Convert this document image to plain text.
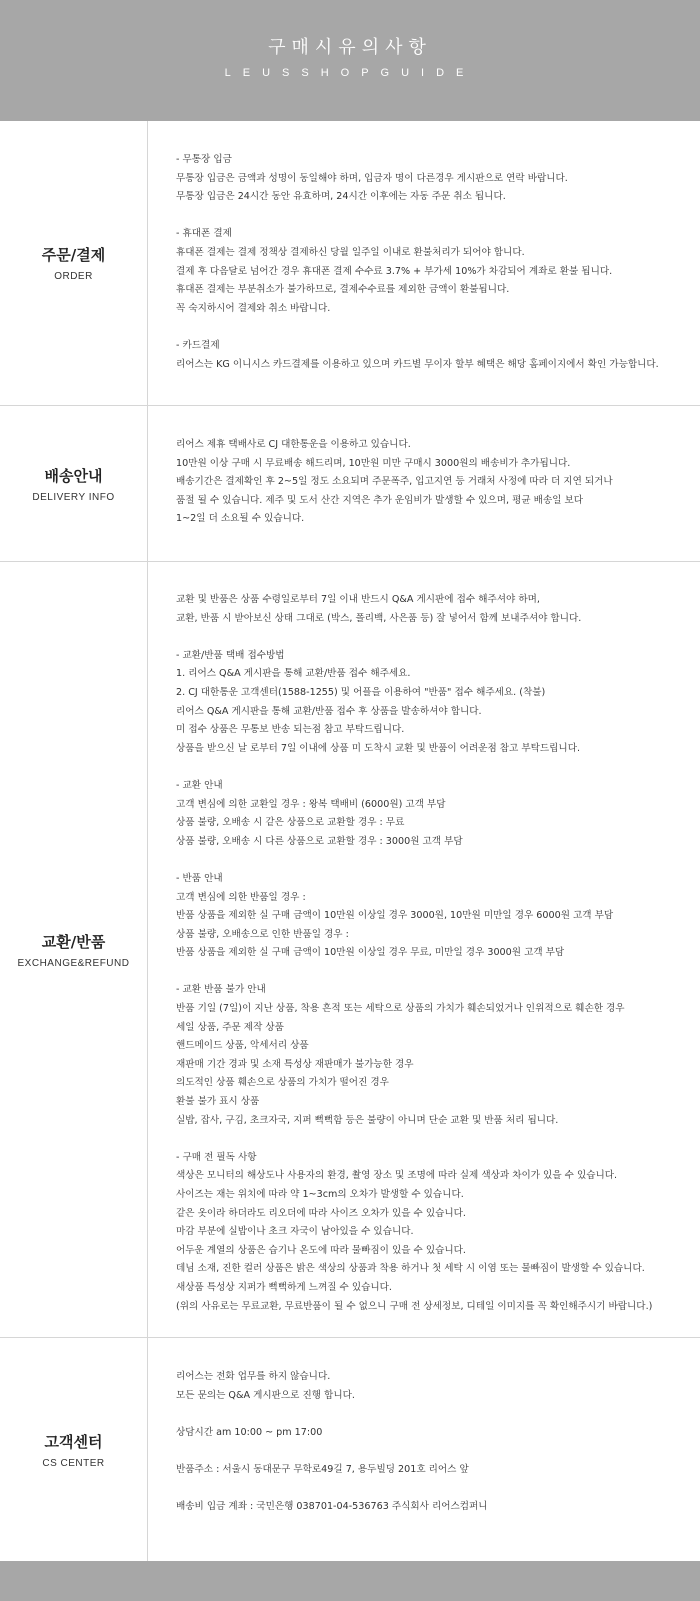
구매시유의사항
LEUSSHOPGUIDE
주문/결제
ORDER
- 무통장 입금
무통장 입금은 금액과 성명이 동일해야 하며, 입금자 명이 다른경우 게시판으로 연락 바랍니다.
무통장 입금은 24시간 동안 유효하며, 24시간 이후에는 자동 주문 취소 됩니다.
- 휴대폰 결제
휴대폰 결제는 결제 정책상 결제하신 당월 일주일 이내로 환불처리가 되어야 합니다.
결제 후 다음달로 넘어간 경우 휴대폰 결제 수수료 3.7% + 부가세 10%가 차감되어 계좌로 환불 됩니다.
휴대폰 결제는 부분취소가 불가하므로, 결제수수료를 제외한 금액이 환불됩니다.
꼭 숙지하시어 결제와 취소 바랍니다.
- 카드결제
리어스는 KG 이니시스 카드결제를 이용하고 있으며 카드별 무이자 할부 혜택은 해당 홈페이지에서 확인 가능합니다.
배송안내
DELIVERY INFO
리어스 제휴 택배사로 CJ 대한통운을 이용하고 있습니다.
10만원 이상 구매 시 무료배송 해드리며, 10만원 미만 구매시 3000원의 배송비가 추가됩니다.
배송기간은 결제확인 후 2~5일 정도 소요되며 주문폭주, 입고지연 등 거래처 사정에 따라 더 지연 되거나
품절 될 수 있습니다. 제주 및 도서 산간 지역은 추가 운임비가 발생할 수 있으며, 평균 배송일 보다
1~2일 더 소요될 수 있습니다.
교환/반품
EXCHANGE&REFUND
교환 및 반품은 상품 수령일로부터 7일 이내 반드시 Q&A 게시판에 접수 해주셔야 하며,
교환, 반품 시 받아보신 상태 그대로 (박스, 폴리백, 사은품 등) 잘 넣어서 함께 보내주셔야 합니다.
- 교환/반품 택배 접수방법
1. 리어스 Q&A 게시판을 통해 교환/반품 접수 해주세요.
2. CJ 대한통운 고객센터(1588-1255) 및 어플을 이용하여 "반품" 접수 해주세요. (착불)
리어스 Q&A 게시판을 통해 교환/반품 접수 후 상품을 발송하셔야 합니다.
미 접수 상품은 무통보 반송 되는점 참고 부탁드립니다.
상품을 받으신 날 로부터 7일 이내에 상품 미 도착시 교환 및 반품이 어려운점 참고 부탁드립니다.
- 교환 안내
고객 변심에 의한 교환일 경우 : 왕복 택배비 (6000원) 고객 부담
상품 불량, 오배송 시 같은 상품으로 교환할 경우 : 무료
상품 불량, 오배송 시 다른 상품으로 교환할 경우 : 3000원 고객 부담
- 반품 안내
고객 변심에 의한 반품일 경우 :
반품 상품을 제외한 실 구매 금액이 10만원 이상일 경우 3000원, 10만원 미만일 경우 6000원 고객 부담
상품 불량, 오배송으로 인한 반품일 경우 :
반품 상품을 제외한 실 구매 금액이 10만원 이상일 경우 무료, 미만일 경우 3000원 고객 부담
- 교환 반품 불가 안내
반품 기일 (7일)이 지난 상품, 착용 흔적 또는 세탁으로 상품의 가치가 훼손되었거나 인위적으로 훼손한 경우
세일 상품, 주문 제작 상품
핸드메이드 상품, 악세서리 상품
재판매 기간 경과 및 소재 특성상 재판매가 불가능한 경우
의도적인 상품 훼손으로 상품의 가치가 떨어진 경우
환불 불가 표시 상품
실밥, 잡사, 구김, 초크자국, 지퍼 뻑뻑함 등은 불량이 아니며 단순 교환 및 반품 처리 됩니다.
- 구매 전 필독 사항
색상은 모니터의 해상도나 사용자의 환경, 촬영 장소 및 조명에 따라 실제 색상과 차이가 있을 수 있습니다.
사이즈는 재는 위치에 따라 약 1~3cm의 오차가 발생할 수 있습니다.
같은 옷이라 하더라도 리오더에 따라 사이즈 오차가 있을 수 있습니다.
마감 부분에 실밥이나 초크 자국이 남아있을 수 있습니다.
어두운 계열의 상품은 습기나 온도에 따라 물빠짐이 있을 수 있습니다.
데님 소재, 진한 컬러 상품은 밝은 색상의 상품과 착용 하거나 첫 세탁 시 이염 또는 물빠짐이 발생할 수 있습니다.
새상품 특성상 지퍼가 뻑뻑하게 느껴질 수 있습니다.
(위의 사유로는 무료교환, 무료반품이 될 수 없으니 구매 전 상세정보, 디테일 이미지를 꼭 확인해주시기 바랍니다.)
고객센터
CS CENTER
리어스는 전화 업무를 하지 않습니다.
모든 문의는 Q&A 게시판으로 진행 합니다.
상담시간 am 10:00 ~ pm 17:00
반품주소 : 서울시 동대문구 무학로49길 7, 용두빌딩 201호 리어스 앞
배송비 입금 계좌 : 국민은행 038701-04-536763 주식회사 리어스컴퍼니
